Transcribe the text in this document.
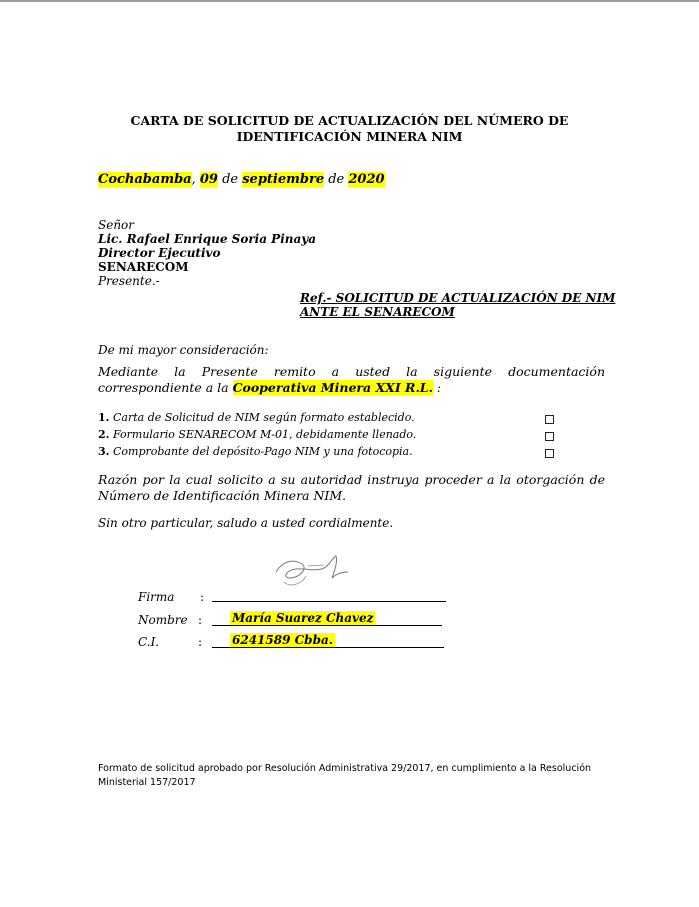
CARTA DE SOLICITUD DE ACTUALIZACIÓN DEL NÚMERO DE
IDENTIFICACIÓN MINERA NIM
Cochabamba, 09 de septiembre de 2020
Señor
Lic. Rafael Enrique Soria Pinaya
Director Ejecutivo
SENARECOM
Presente.-
Ref.- SOLICITUD DE ACTUALIZACIÓN DE NIM
ANTE EL SENARECOM
De mi mayor consideración:
Mediante la Presente remito a usted la siguiente documentación correspondiente a la Cooperativa Minera XXI R.L. :
1. Carta de Solicitud de NIM según formato establecido.
2. Formulario SENARECOM M-01, debidamente llenado.
3. Comprobante del depósito-Pago NIM y una fotocopia.
Razón por la cual solicito a su autoridad instruya proceder a la otorgación de Número de Identificación Minera NIM.
Sin otro particular, saludo a usted cordialmente.
Firma :
Nombre : María Suarez Chavez
C.I.	: 6241589 Cbba.
Formato de solicitud aprobado por Resolución Administrativa 29/2017, en cumplimiento a la Resolución Ministerial 157/2017
